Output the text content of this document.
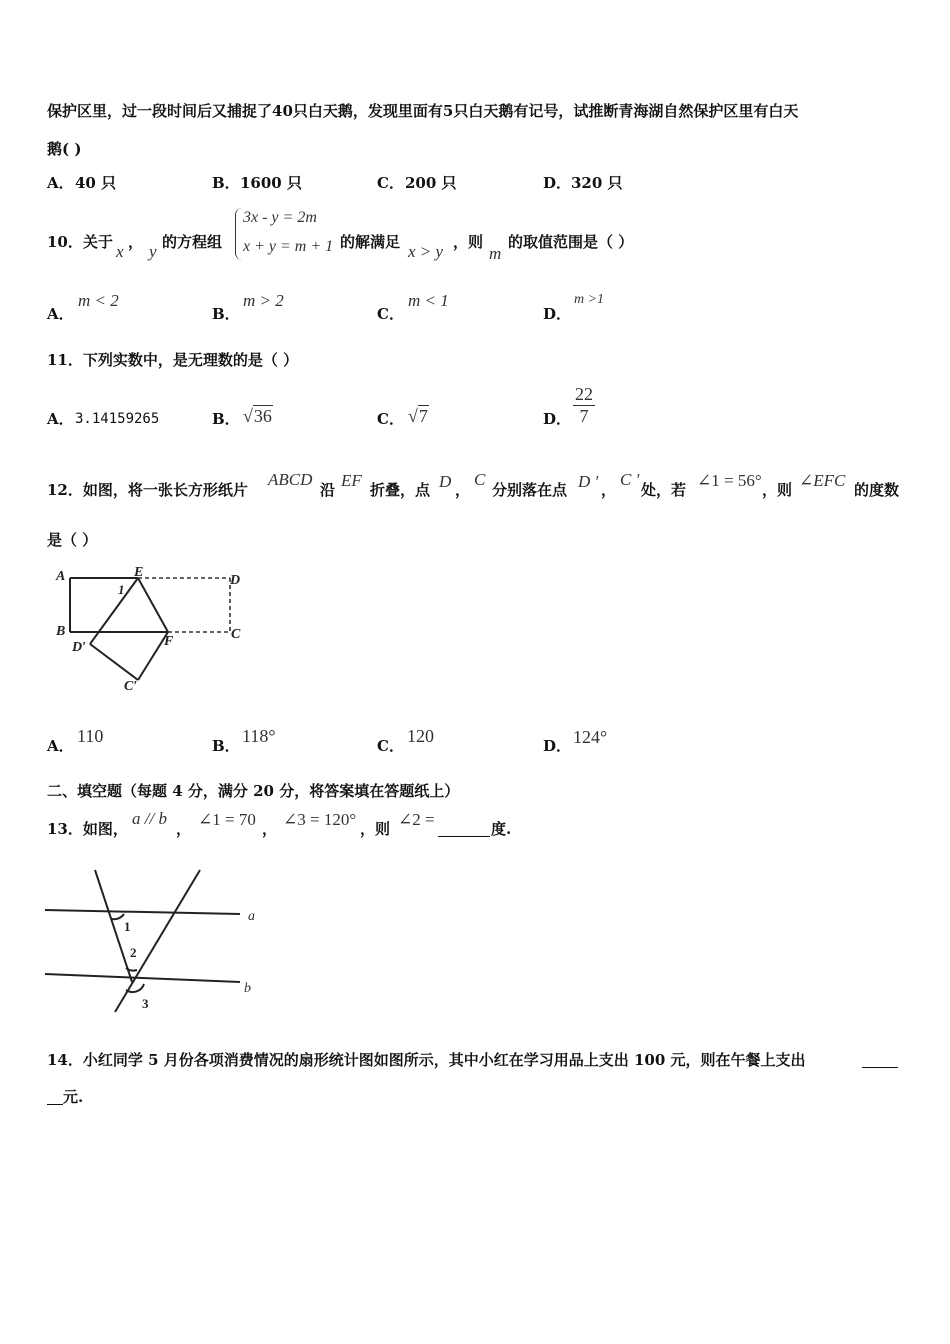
保护区里，过一段时间后又捕捉了40只白天鹅，发现里面有5只白天鹅有记号，试推断青海湖自然保护区里有白天
鹅( )
A． 40 只	B． 1600 只	C． 200 只	D． 320 只
10．关于 x ， y 的方程组
3x - y = 2m
x + y = m + 1 的解满足 x > y ，则
m
的取值范围是（ ）
A．
m < 2
B．
m > 2
C．
m < 1
D．
m >1
11．下列实数中，是无理数的是（ ）
A． 3.14159265	B． √36	C． √7	D． $\frac{22}{7}$
12．如图，将一张长方形纸片
ABCD
沿 EF 折叠，点 D ，
C
分别落在点 D ' ，
C '
处，若 ∠1 = 56° ，则 ∠EFC 的度数
是（ ）
A	E
D
B
F	C
D′
C′
1
A． 110	B． 118°	C． 120	D． 124°
二、填空题（每题 4 分，满分 20 分，将答案填在答题纸上）
13．如图，
a // b
， ∠1 = 70 ， ∠3 = 120° ，则 ∠2 =	度.
1
2
3
a
b
14．小红同学 5 月份各项消费情况的扇形统计图如图所示，其中小红在学习用品上支出 100 元，则在午餐上支出
元.
